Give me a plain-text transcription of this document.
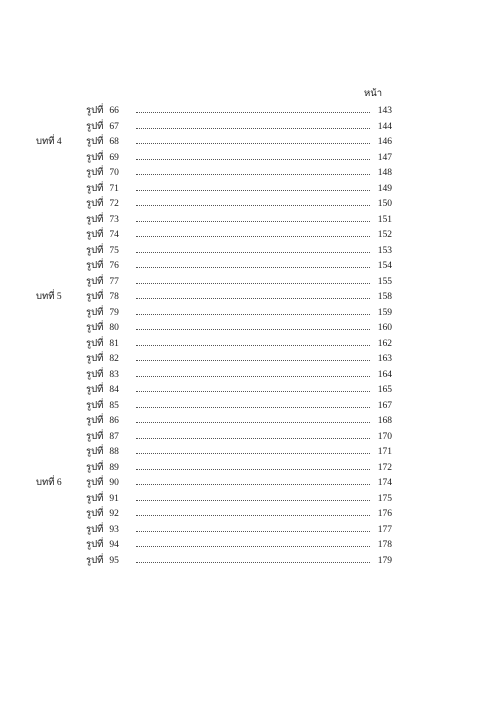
หน้า
รูปที่ 66	143
รูปที่ 67	144
บทที่ 4	รูปที่ 68	146
รูปที่ 69	147
รูปที่ 70	148
รูปที่ 71	149
รูปที่ 72	150
รูปที่ 73	151
รูปที่ 74	152
รูปที่ 75	153
รูปที่ 76	154
รูปที่ 77	155
บทที่ 5	รูปที่ 78	158
รูปที่ 79	159
รูปที่ 80	160
รูปที่ 81	162
รูปที่ 82	163
รูปที่ 83	164
รูปที่ 84	165
รูปที่ 85	167
รูปที่ 86	168
รูปที่ 87	170
รูปที่ 88	171
รูปที่ 89	172
บทที่ 6	รูปที่ 90	174
รูปที่ 91	175
รูปที่ 92	176
รูปที่ 93	177
รูปที่ 94	178
รูปที่ 95	179
